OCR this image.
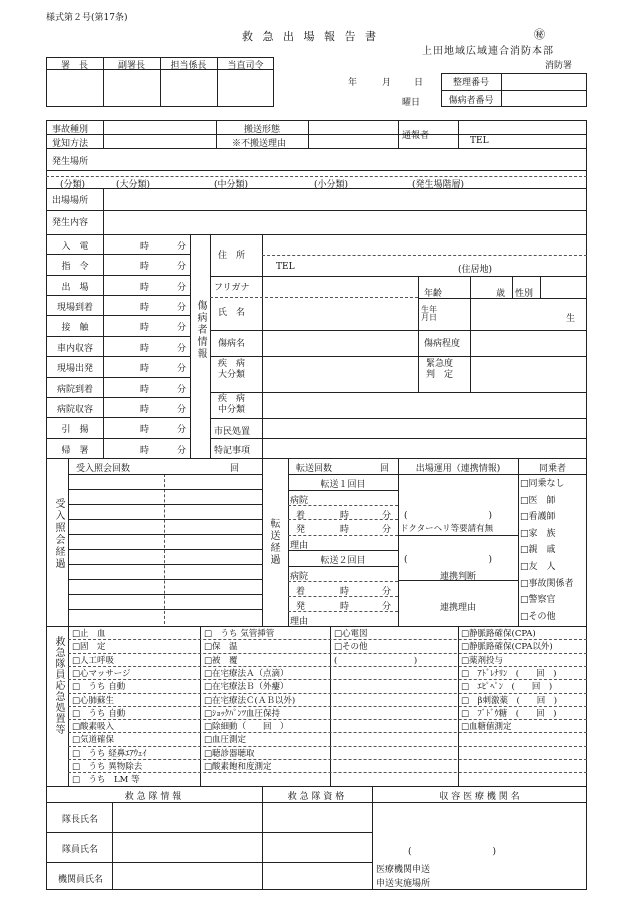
様式第２号(第17条)
救 急 出 場 報 告 書	㊙
上田地域広域連合消防本部
消防署
署　長	副署長	担当係長	当直司令
年	月	日
曜日
整理番号
傷病者番号
事故種別
覚知方法
搬送形態
※不搬送理由
通報者	TEL
発生場所
(分類)	(大分類)	(中分類)	(小分類)	(発生場階層)
出場場所
発生内容
入　電	時	分
指　令	時	分
出　場	時	分
現場到着	時	分
接　触	時	分
車内収容	時	分
現場出発	時	分
病院到着	時	分
病院収容	時	分
引　揚	時	分
帰　署	時	分
傷病者情報
住　所
TEL	(住居地)
フリガナ
年齢	歳 性別
氏　名	生年月日	生
傷病名	傷病程度
疾　病 大分類
緊急度 判　定
疾　病 中分類
市民処置
特記事項
受入照会経過
受入照会回数	回
転送経過
転送回数	回
転送１回目
病院
着	時	分
発	時	分
理由
転送２回目
病院
着	時	分
発	時	分
理由
出場運用（連携情報)
(　　　　　　　　　)
ドクターヘリ等要請有無
(　　　　　　　　　)
連携判断
連携理由
同乗者
□同乗なし
□医　師
□看護師
□家　族
□親　戚
□友　人
□事故関係者
□警察官
□その他
救急隊員応急処置等
□止　血
□固　定
□人工呼吸
□心マッサージ
□　うち 自動
□心肺蘇生
□　うち 自動
□酸素吸入
□気道確保
□　うち 経鼻ｴｱｳｪｲ
□　うち 異物除去
□　うち　LM 等
□　うち 気管挿管
□保　温
□被　覆
□在宅療法Ａ（点滴）
□在宅療法Ｂ（外瘻）
□在宅療法Ｃ(ＡＢ以外)
□ｼｮｯｸﾊﾟﾝﾂ血圧保持
□除細動（　　回　）
□血圧測定
□聴診器聴取
□酸素飽和度測定
□心電図
□その他
(　　　　　　　　　)
□静脈路確保(CPA)
□静脈路確保(CPA以外)
□薬剤投与
□　ｱﾄﾞﾚﾅﾘﾝ　(　　回　)
□　ｴﾋﾟﾍﾟﾝ　(　　回　)
□　β刺激薬　(　　回　)
□　ﾌﾞﾄﾞｳ糖　(　　回　)
□血糖値測定
救 急 隊 情 報	救 急 隊 資 格	収 容 医 療 機 関 名
隊長氏名
隊員氏名
機関員氏名
(　　　　　　　　　)
医療機関申送
申送実施場所
